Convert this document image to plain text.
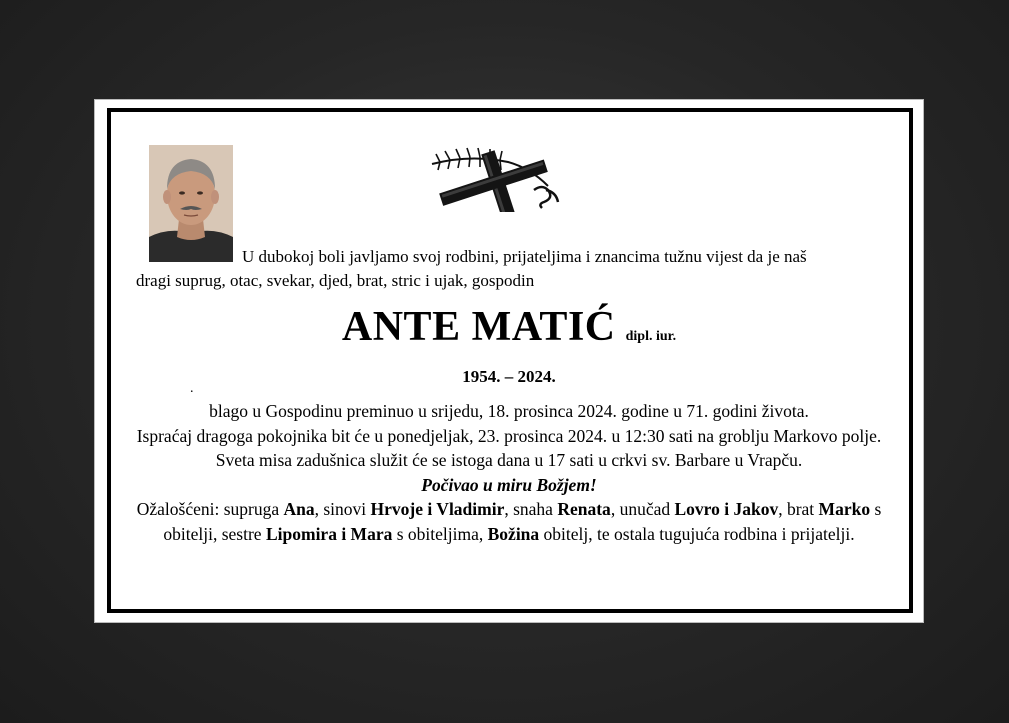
U dubokoj boli javljamo svoj rodbini, prijateljima i znancima tužnu vijest da je naš
dragi suprug, otac, svekar, djed, brat, stric i ujak, gospodin
ANTE MATIĆ dipl. iur.
1954. – 2024.
.

blago u Gospodinu preminuo u srijedu, 18. prosinca 2024. godine u 71. godini života.

Ispraćaj dragoga pokojnika bit će u ponedjeljak, 23. prosinca 2024. u 12:30 sati na groblju Markovo polje.

Sveta misa zadušnica služit će se istoga dana u 17 sati u crkvi sv. Barbare u Vrapču.

Počivao u miru Božjem!

Ožalošćeni: supruga Ana, sinovi Hrvoje i Vladimir, snaha Renata, unučad Lovro i Jakov, brat Marko s obitelji, sestre Lipomira i Mara s obiteljima, Božina obitelj, te ostala tugujuća rodbina i prijatelji.
